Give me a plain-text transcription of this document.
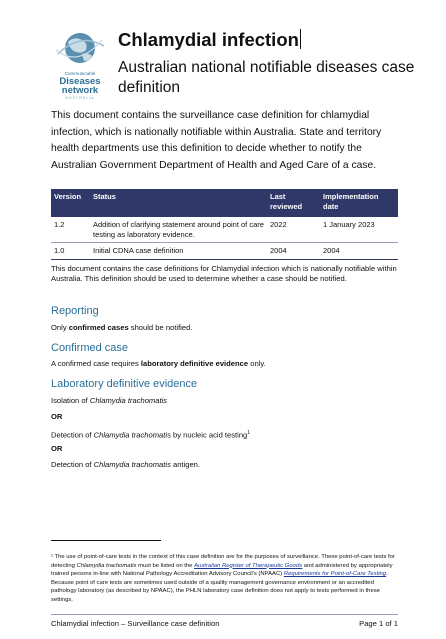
Communicable
Diseases
network
AUSTRALIA
Chlamydial infection
Australian national notifiable diseases case definition
This document contains the surveillance case definition for chlamydial infection, which is nationally notifiable within Australia. State and territory health departments use this definition to decide whether to notify the Australian Government Department of Health and Aged Care of a case.
Version	Status	Last reviewed	Implementation date
1.2	Addition of clarifying statement around point of care testing as laboratory evidence.	2022	1 January 2023
1.0	Initial CDNA case definition	2004	2004
This document contains the case definitions for Chlamydial infection which is nationally notifiable within Australia. This definition should be used to determine whether a case should be notified.
Reporting
Only confirmed cases should be notified.
Confirmed case
A confirmed case requires laboratory definitive evidence only.
Laboratory definitive evidence
Isolation of Chlamydia trachomatis
OR
Detection of Chlamydia trachomatis by nucleic acid testing$^1$
OR
Detection of Chlamydia trachomatis antigen.
¹ The use of point-of-care tests in the context of this case definition are for the purposes of surveillance. These point-of-care tests for detecting Chlamydia trachomatis must be listed on the Australian Register of Therapeutic Goods and administered by appropriately trained persons in-line with National Pathology Accreditation Advisory Council's (NPAAC) Requirements for Point-of-Care Testing. Because point of care tests are sometimes used outside of a quality management governance environment or an accredited pathology laboratory (as described by NPAAC), the PHLN laboratory case definition does not apply to tests performed in these settings.
Chlamydial infection – Surveillance case definition	Page 1 of 1
